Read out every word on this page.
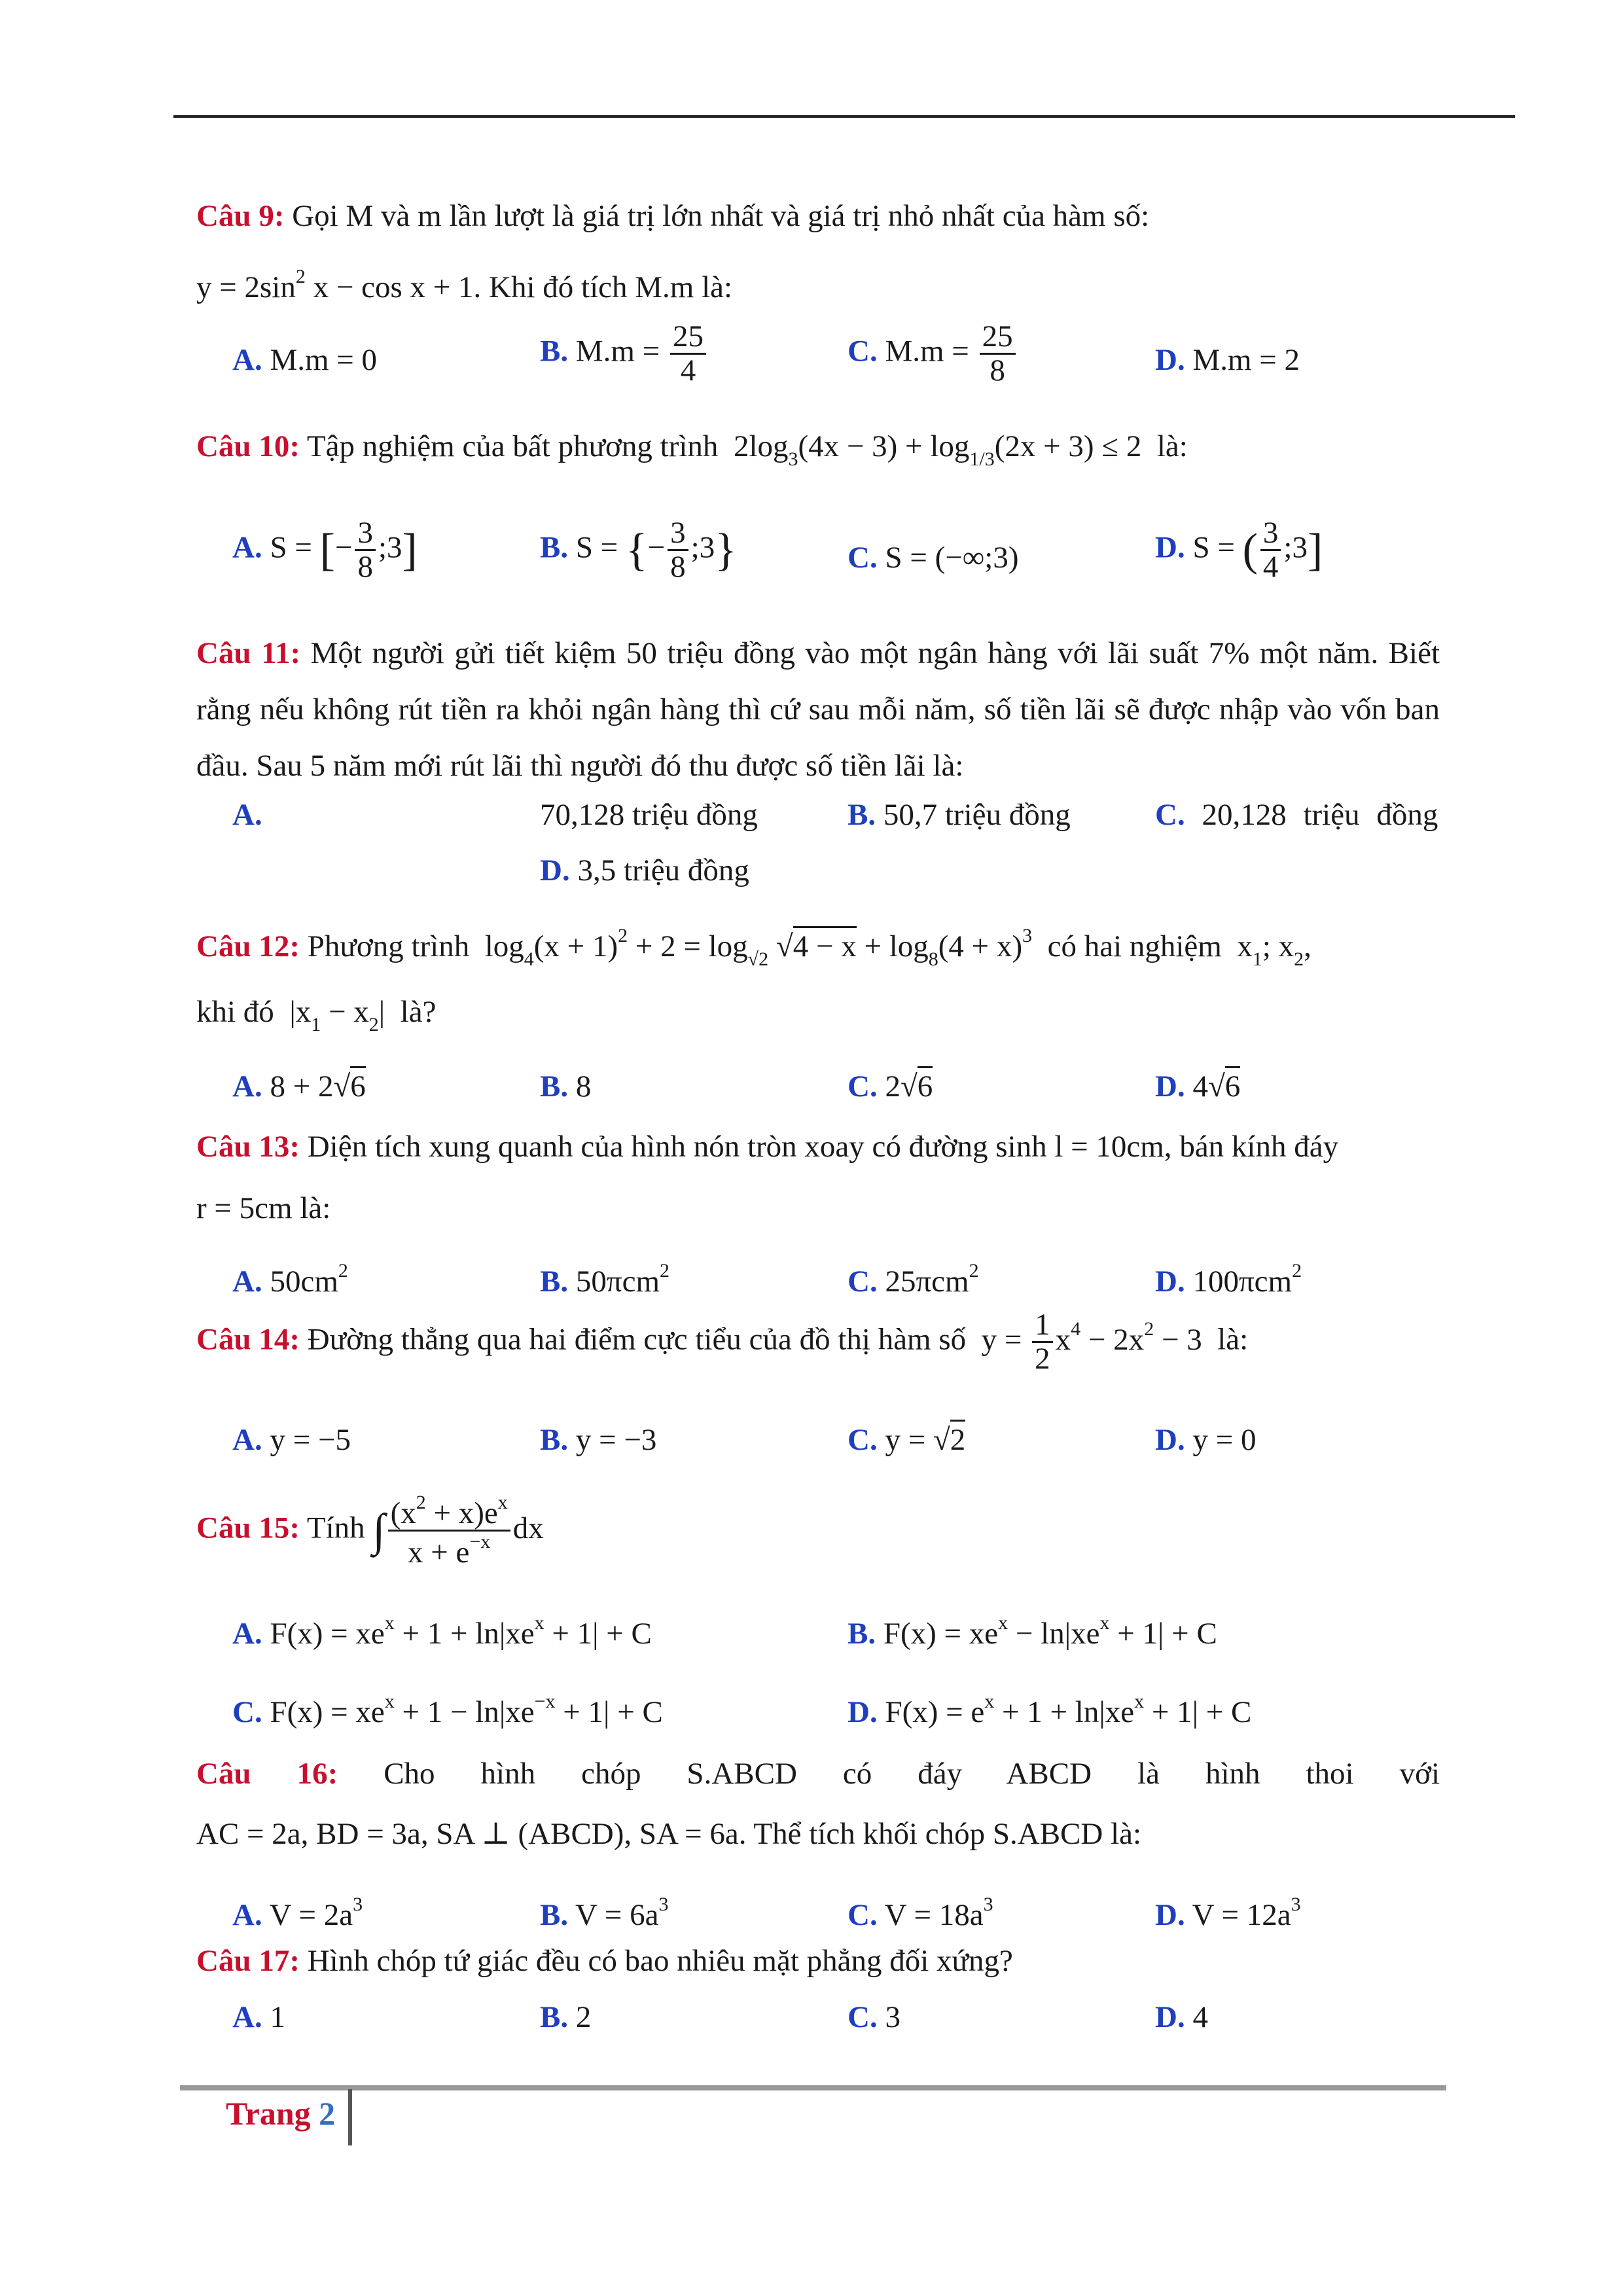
Câu 9: Gọi M và m lần lượt là giá trị lớn nhất và giá trị nhỏ nhất của hàm số:
$y = 2\sin^2$ x − cos x + 1. Khi đó tích M.m là:
A. M.m = 0	B. $M.m = \frac{25}{4}$	C. $M.m = \frac{25}{8}$	D. M.m = 2
Câu 10: Tập nghiệm của bất phương trình  $2\log_3(4x - 3) + \log_{1/3}(2x + 3) \le 2$  là:
A. S = [− $\frac{3}{8}$ ;3]	B. S = {− $\frac{3}{8}$ ;3}	C. S = (−∞;3)	D. S = ( $\frac{3}{4}$ ;3]
Câu 11: Một người gửi tiết kiệm 50 triệu đồng vào một ngân hàng với lãi suất 7% một năm. Biết rằng nếu không rút tiền ra khỏi ngân hàng thì cứ sau mỗi năm, số tiền lãi sẽ được nhập vào vốn ban đầu. Sau 5 năm mới rút lãi thì người đó thu được số tiền lãi là:
A.	70,128 triệu đồng	B. 50,7 triệu đồng	C. 20,128 triệu đồng
D. 3,5 triệu đồng
Câu 12: Phương trình  $\log_4(x + 1)^2 + 2 = \log_{√2} √4 - x + \log_8(4 + x)^3$ có hai nghiệm  $x_1$; $x_2$,
khi đó  $|x_1 - x_2|$  là?
A. 8 + 2√6	B. 8	C. 2√6	D. 4√6
Câu 13: Diện tích xung quanh của hình nón tròn xoay có đường sinh l = 10cm, bán kính đáy
r = 5cm là:
A. $50cm^2$	B. 50πcm$^2$	C. 25πcm$^2$	D. 100πcm$^2$
Câu 14: Đường thẳng qua hai điểm cực tiểu của đồ thị hàm số  $y = \frac{1}{2} x^4 - 2x^2 - 3$  là:
A. y = −5	B. y = −3	C. y = √2	D. y = 0
Câu 15: Tính ∫ $\frac{(x^2 + x)e^x}{x + e^{-x}}$ dx
A. $F(x) = xe^x + 1 + \ln|xe^x + 1| + C$	B. $F(x) = xe^x - \ln|xe^x + 1| + C$
C. $F(x) = xe^x + 1 - \ln|xe^{-x} + 1| + C$	D. $F(x) = e^x + 1 + \ln|xe^x + 1| + C$
Câu 16: Cho hình chóp S.ABCD có đáy ABCD là hình thoi với
AC = 2a, BD = 3a, SA ⊥ (ABCD), SA = 6a. Thể tích khối chóp S.ABCD là:
A. $V = 2a^3$	B. $V = 6a^3$	C. $V = 18a^3$	D. $V = 12a^3$
Câu 17: Hình chóp tứ giác đều có bao nhiêu mặt phẳng đối xứng?
A. 1	B. 2	C. 3	D. 4
Trang 2
